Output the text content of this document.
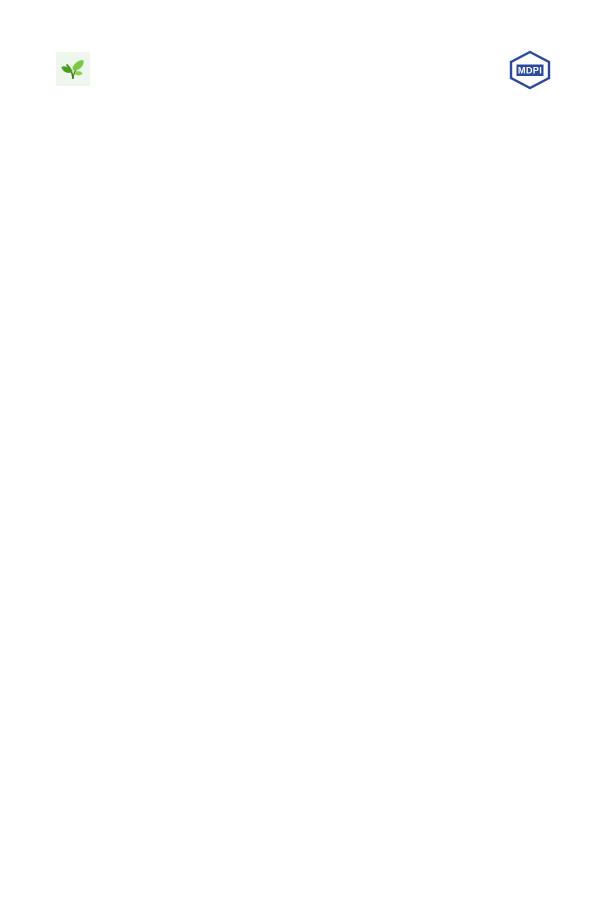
MDPI
